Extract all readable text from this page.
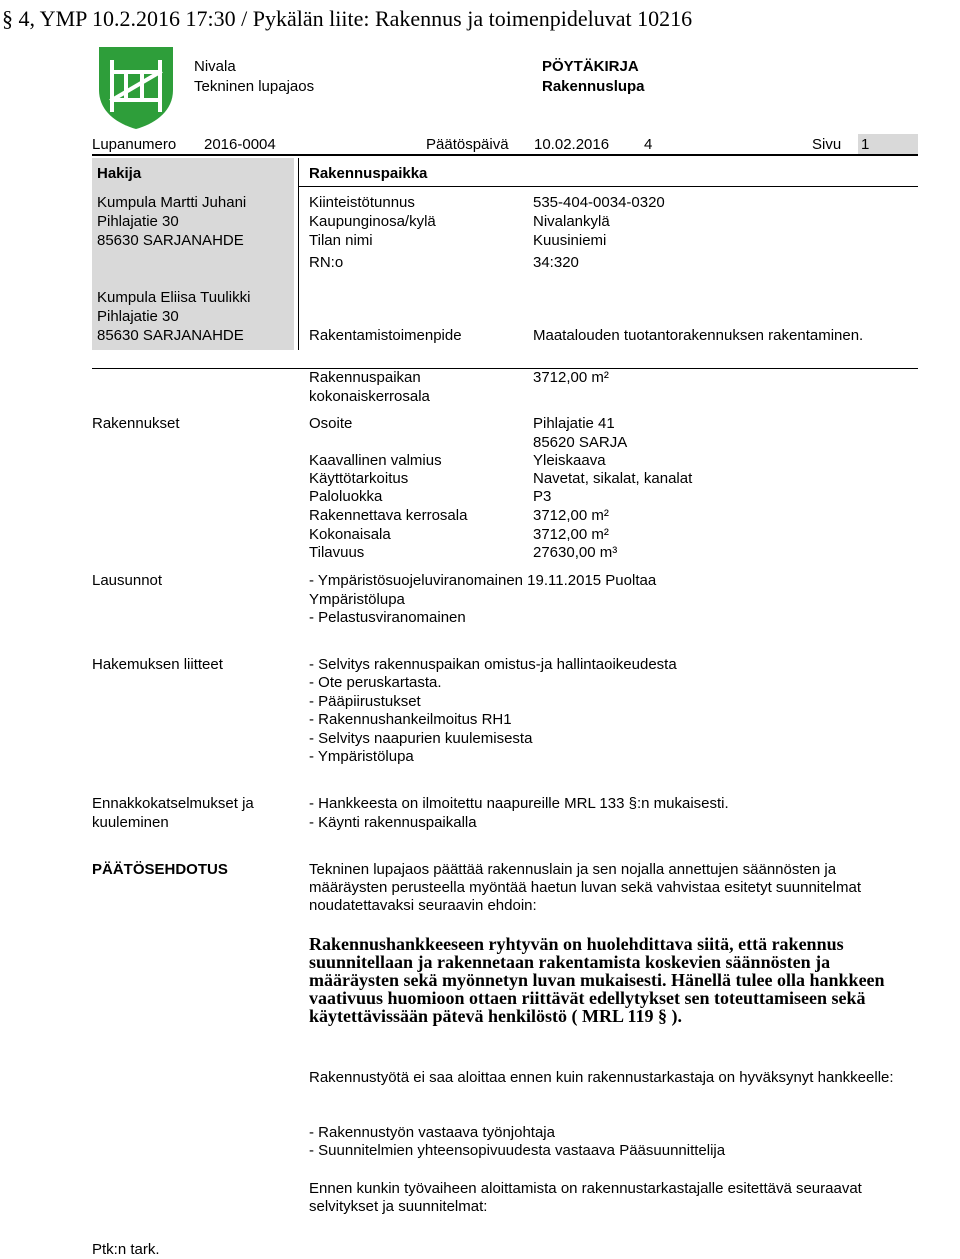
§ 4, YMP 10.2.2016 17:30 / Pykälän liite: Rakennus ja toimenpideluvat 10216
Nivala
Tekninen lupajaos
PÖYTÄKIRJA
Rakennuslupa
Lupanumero 2016-0004	Päätöspäivä 10.02.2016 4	Sivu 1
Hakija
Kumpula Martti Juhani
Pihlajatie 30
85630 SARJANAHDE
Kumpula Eliisa Tuulikki
Pihlajatie 30
85630 SARJANAHDE
Rakennuspaikka
Kiinteistötunnus	535-404-0034-0320
Kaupunginosa/kylä	Nivalankylä
Tilan nimi	Kuusiniemi
RN:o	34:320
Rakentamistoimenpide	Maatalouden tuotantorakennuksen rakentaminen.
Rakennuspaikan
kokonaiskerrosala
3712,00 m²
Rakennukset	Osoite	Pihlajatie 41
85620 SARJA
Kaavallinen valmius	Yleiskaava
Käyttötarkoitus	Navetat, sikalat, kanalat
Paloluokka	P3
Rakennettava kerrosala	3712,00 m²
Kokonaisala	3712,00 m²
Tilavuus	27630,00 m³
Lausunnot	- Ympäristösuojeluviranomainen 19.11.2015 Puoltaa
Ympäristölupa
- Pelastusviranomainen
Hakemuksen liitteet	- Selvitys rakennuspaikan omistus-ja hallintaoikeudesta
- Ote peruskartasta.
- Pääpiirustukset
- Rakennushankeilmoitus RH1
- Selvitys naapurien kuulemisesta
- Ympäristölupa
Ennakkokatselmukset ja
kuuleminen
- Hankkeesta on ilmoitettu naapureille MRL 133 §:n mukaisesti.
- Käynti rakennuspaikalla
PÄÄTÖSEHDOTUS	Tekninen lupajaos päättää rakennuslain ja sen nojalla annettujen säännösten ja määräysten perusteella myöntää haetun luvan sekä vahvistaa esitetyt suunnitelmat noudatettavaksi seuraavin ehdoin:
Rakennushankkeeseen ryhtyvän on huolehdittava siitä, että rakennus suunnitellaan ja rakennetaan rakentamista koskevien säännösten ja määräysten sekä myönnetyn luvan mukaisesti. Hänellä tulee olla hankkeen vaativuus huomioon ottaen riittävät edellytykset sen toteuttamiseen sekä käytettävissään pätevä henkilöstö ( MRL 119 § ).
Rakennustyötä ei saa aloittaa ennen kuin rakennustarkastaja on hyväksynyt hankkeelle:
- Rakennustyön vastaava työnjohtaja
- Suunnitelmien yhteensopivuudesta vastaava Pääsuunnittelija
Ennen kunkin työvaiheen aloittamista on rakennustarkastajalle esitettävä seuraavat selvitykset ja suunnitelmat:
Ptk:n tark.
